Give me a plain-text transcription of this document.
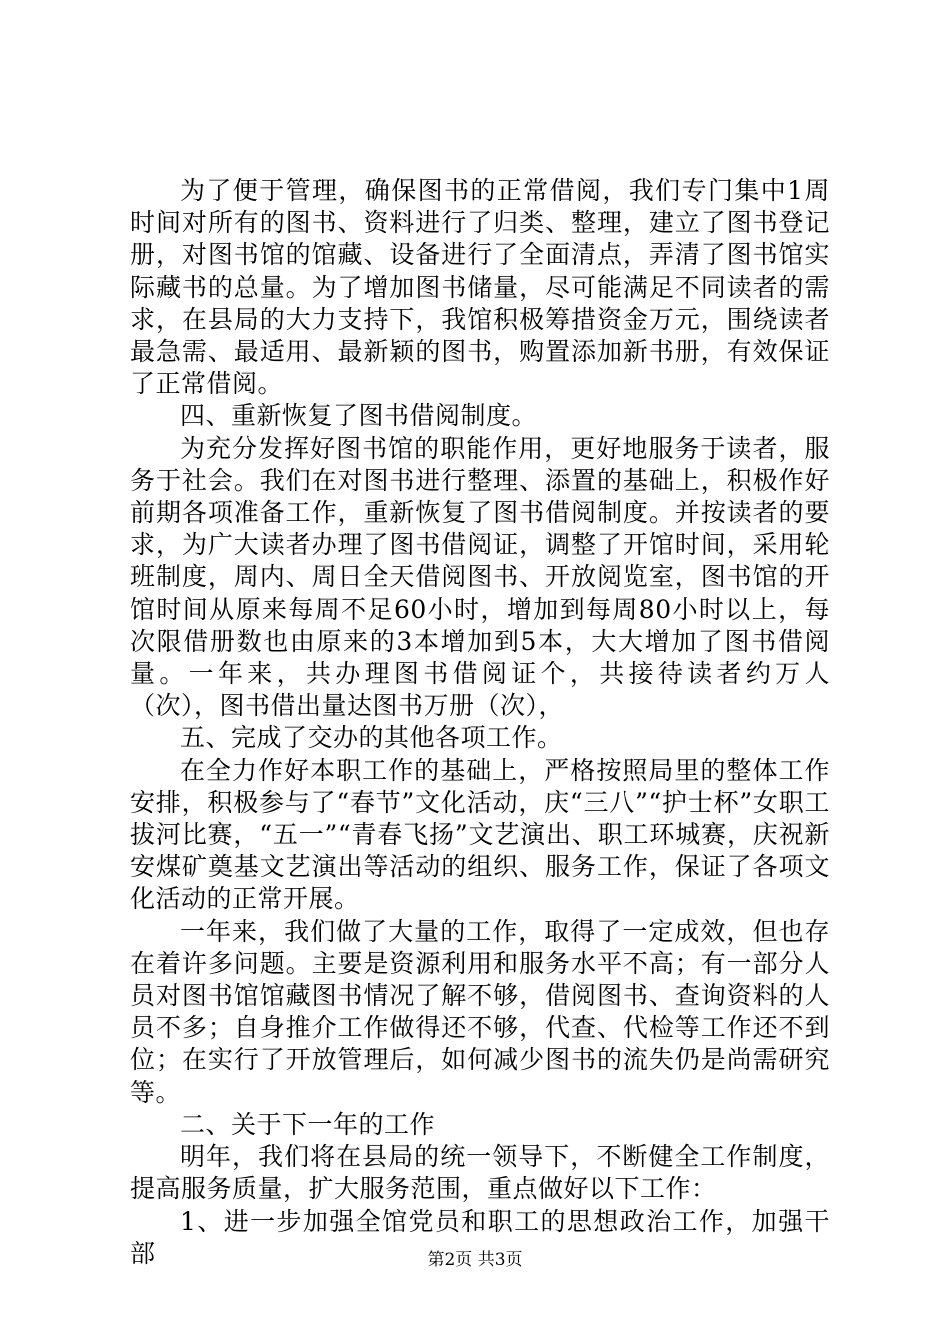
为了便于管理，确保图书的正常借阅，我们专门集中1周时间对所有的图书、资料进行了归类、整理，建立了图书登记册，对图书馆的馆藏、设备进行了全面清点，弄清了图书馆实际藏书的总量。为了增加图书储量，尽可能满足不同读者的需求，在县局的大力支持下，我馆积极筹措资金万元，围绕读者最急需、最适用、最新颖的图书，购置添加新书册，有效保证了正常借阅。

四、重新恢复了图书借阅制度。

为充分发挥好图书馆的职能作用，更好地服务于读者，服务于社会。我们在对图书进行整理、添置的基础上，积极作好前期各项准备工作，重新恢复了图书借阅制度。并按读者的要求，为广大读者办理了图书借阅证，调整了开馆时间，采用轮班制度，周内、周日全天借阅图书、开放阅览室，图书馆的开馆时间从原来每周不足60小时，增加到每周80小时以上，每次限借册数也由原来的3本增加到5本，大大增加了图书借阅量。一年来，共办理图书借阅证个，共接待读者约万人（次），图书借出量达图书万册（次），

五、完成了交办的其他各项工作。

在全力作好本职工作的基础上，严格按照局里的整体工作安排，积极参与了“春节”文化活动，庆“三八”“护士杯”女职工拔河比赛，“五一”“青春飞扬”文艺演出、职工环城赛，庆祝新安煤矿奠基文艺演出等活动的组织、服务工作，保证了各项文化活动的正常开展。

一年来，我们做了大量的工作，取得了一定成效，但也存在着许多问题。主要是资源利用和服务水平不高；有一部分人员对图书馆馆藏图书情况了解不够，借阅图书、查询资料的人员不多；自身推介工作做得还不够，代查、代检等工作还不到位；在实行了开放管理后，如何减少图书的流失仍是尚需研究等。

二、关于下一年的工作

明年，我们将在县局的统一领导下，不断健全工作制度，提高服务质量，扩大服务范围，重点做好以下工作：

1、进一步加强全馆党员和职工的思想政治工作，加强干部	第2页 共3页
